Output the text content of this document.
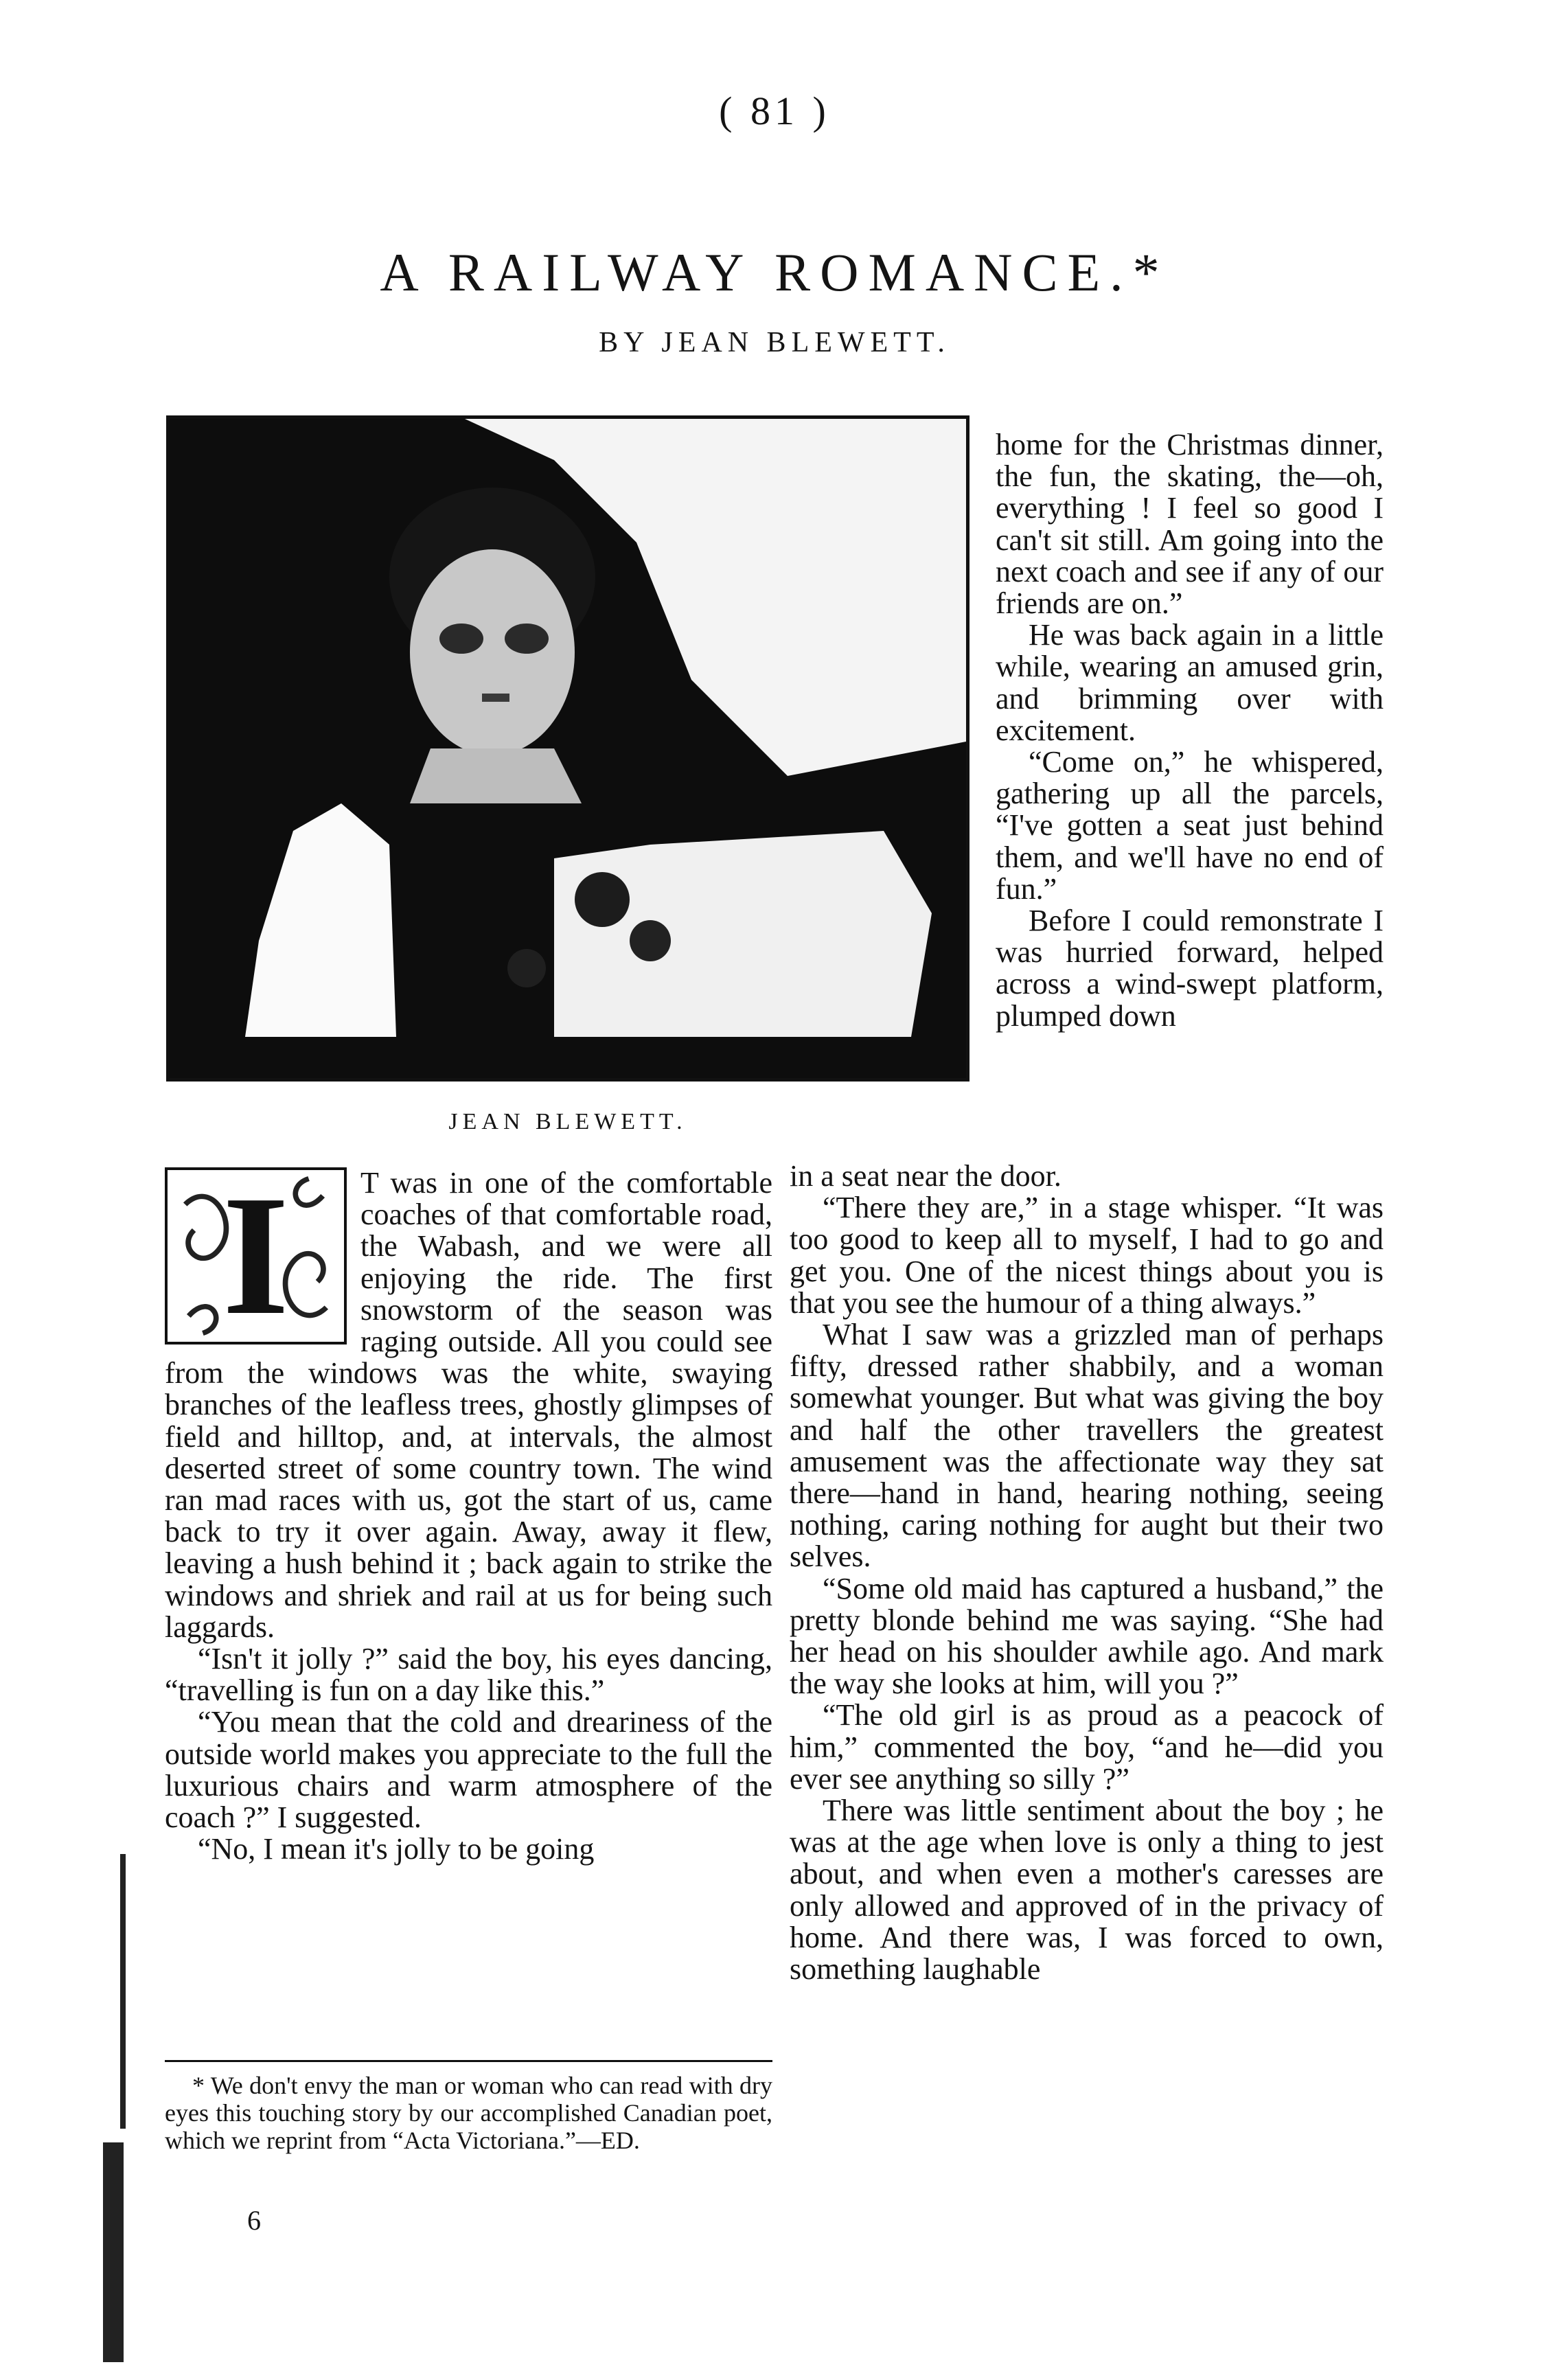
( 81 )
A RAILWAY ROMANCE.*
BY JEAN BLEWETT.
JEAN BLEWETT.

home for the Christmas dinner, the fun, the skating, the—oh, everything ! I feel so good I can't sit still. Am going into the next coach and see if any of our friends are on.”

He was back again in a little while, wearing an amused grin, and brimming over with excitement.

“Come on,” he whispered, gathering up all the parcels, “I've gotten a seat just behind them, and we'll have no end of fun.”

Before I could remonstrate I was hurried forward, helped across a wind-swept platform, plumped down

in a seat near the door.

“There they are,” in a stage whisper. “It was too good to keep all to myself, I had to go and get you. One of the nicest things about you is that you see the humour of a thing always.”

What I saw was a grizzled man of perhaps fifty, dressed rather shabbily, and a woman somewhat younger. But what was giving the boy and half the other travellers the greatest amusement was the affectionate way they sat there—hand in hand, hearing nothing, seeing nothing, caring nothing for aught but their two selves.

“Some old maid has captured a husband,” the pretty blonde behind me was saying. “She had her head on his shoulder awhile ago. And mark the way she looks at him, will you ?”

“The old girl is as proud as a peacock of him,” commented the boy, “and he—did you ever see anything so silly ?”

There was little sentiment about the boy ; he was at the age when love is only a thing to jest about, and when even a mother's caresses are only allowed and approved of in the privacy of home. And there was, I was forced to own, something laughable

I	T was in one of the comfortable coaches of that comfortable road, the Wabash, and we were all enjoying the ride. The first snowstorm of the season was raging outside. All you could see from the windows was the white, swaying branches of the leafless trees, ghostly glimpses of field and hilltop, and, at intervals, the almost deserted street of some country town. The wind ran mad races with us, got the start of us, came back to try it over again. Away, away it flew, leaving a hush behind it ; back again to strike the windows and shriek and rail at us for being such laggards.

“Isn't it jolly ?” said the boy, his eyes dancing, “travelling is fun on a day like this.”

“You mean that the cold and dreariness of the outside world makes you appreciate to the full the luxurious chairs and warm atmosphere of the coach ?” I suggested.

“No, I mean it's jolly to be going

* We don't envy the man or woman who can read with dry eyes this touching story by our accomplished Canadian poet, which we reprint from “Acta Victoriana.”—ED.

6
